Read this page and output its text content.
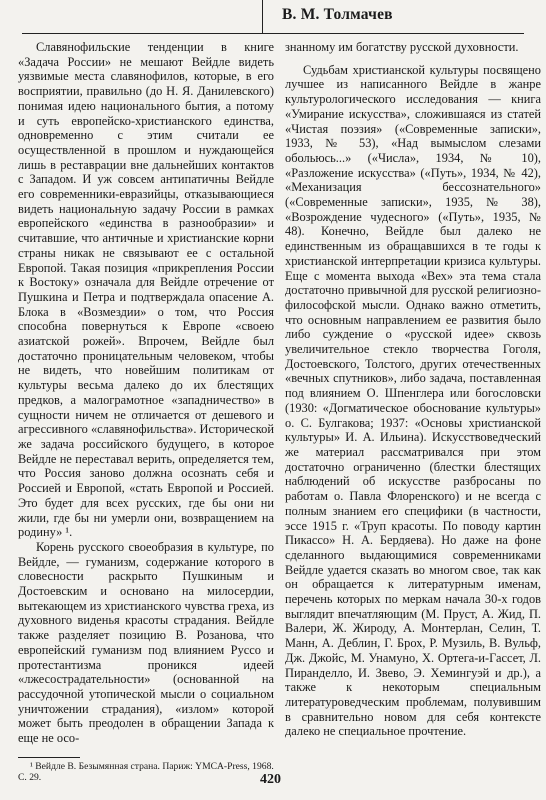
В. М. Толмачев

Славянофильские тенденции в книге «Задача России» не мешают Вейдле видеть уязвимые места славянофилов, которые, в его восприятии, правильно (до Н. Я. Данилевского) понимая идею национального бытия, а потому и суть европейско-христианского единства, одновременно с этим считали ее осуществленной в прошлом и нуждающейся лишь в реставрации вне дальнейших контактов с Западом. И уж совсем антипатичны Вейдле его современники-евразийцы, отказывающиеся видеть национальную задачу России в рамках европейского «единства в разнообразии» и считавшие, что античные и христианские корни страны никак не связывают ее с остальной Европой. Такая позиция «прикрепления России к Востоку» означала для Вейдле отречение от Пушкина и Петра и подтверждала опасение А. Блока в «Возмездии» о том, что Россия способна повернуться к Европе «своею азиатской рожей». Впрочем, Вейдле был достаточно проницательным человеком, чтобы не видеть, что новейшим политикам от культуры весьма далеко до их блестящих предков, а малограмотное «западничество» в сущности ничем не отличается от дешевого и агрессивного «славянофильства». Исторической же задача российского будущего, в которое Вейдле не переставал верить, определяется тем, что Россия заново должна осознать себя и Россией и Европой, «стать Европой и Россией. Это будет для всех русских, где бы они ни жили, где бы ни умерли они, возвращением на родину» ¹.

Корень русского своеобразия в культуре, по Вейдле, — гуманизм, содержание которого в словесности раскрыто Пушкиным и Достоевским и основано на милосердии, вытекающем из христианского чувства греха, из духовного виденья красоты страдания. Вейдле также разделяет позицию В. Розанова, что европейский гуманизм под влиянием Руссо и протестантизма проникся идеей «лжесострадательности» (основанной на рассудочной утопической мысли о социальном уничтожении страдания), «излом» которой может быть преодолен в обращении Запада к еще не осо-

знанному им богатству русской духовности.

Судьбам христианской культуры посвящено лучшее из написанного Вейдле в жанре культурологического исследования — книга «Умирание искусства», сложившаяся из статей «Чистая поэзия» («Современные записки», 1933, № 53), «Над вымыслом слезами обольюсь...» («Числа», 1934, № 10), «Разложение искусства» («Путь», 1934, № 42), «Механизация бессознательного» («Современные записки», 1935, № 38), «Возрождение чудесного» («Путь», 1935, № 48). Конечно, Вейдле был далеко не единственным из обращавшихся в те годы к христианской интерпретации кризиса культуры. Еще с момента выхода «Вех» эта тема стала достаточно привычной для русской религиозно-философской мысли. Однако важно отметить, что основным направлением ее развития было либо суждение о «русской идее» сквозь увеличительное стекло творчества Гоголя, Достоевского, Толстого, других отечественных «вечных спутников», либо задача, поставленная под влиянием О. Шпенглера или богословски (1930: «Догматическое обоснование культуры» о. С. Булгакова; 1937: «Основы христианской культуры» И. А. Ильина). Искусствоведческий же материал рассматривался при этом достаточно ограниченно (блестки блестящих наблюдений об искусстве разбросаны по работам о. Павла Флоренского) и не всегда с полным знанием его специфики (в частности, эссе 1915 г. «Труп красоты. По поводу картин Пикассо» Н. А. Бердяева). Но даже на фоне сделанного выдающимися современниками Вейдле удается сказать во многом свое, так как он обращается к литературным именам, перечень которых по меркам начала 30-х годов выглядит впечатляющим (М. Пруст, А. Жид, П. Валери, Ж. Жироду, А. Монтерлан, Селин, Т. Манн, А. Деблин, Г. Брох, Р. Музиль, В. Вульф, Дж. Джойс, М. Унамуно, Х. Ортега-и-Гассет, Л. Пиранделло, И. Звево, Э. Хемингуэй и др.), а также к некоторым специальным литературоведческим проблемам, полувившим в сравнительно новом для себя контексте далеко не специальное прочтение.

¹ Вейдле В. Безымянная страна. Париж: YMCA-Press, 1968. С. 29.	420
